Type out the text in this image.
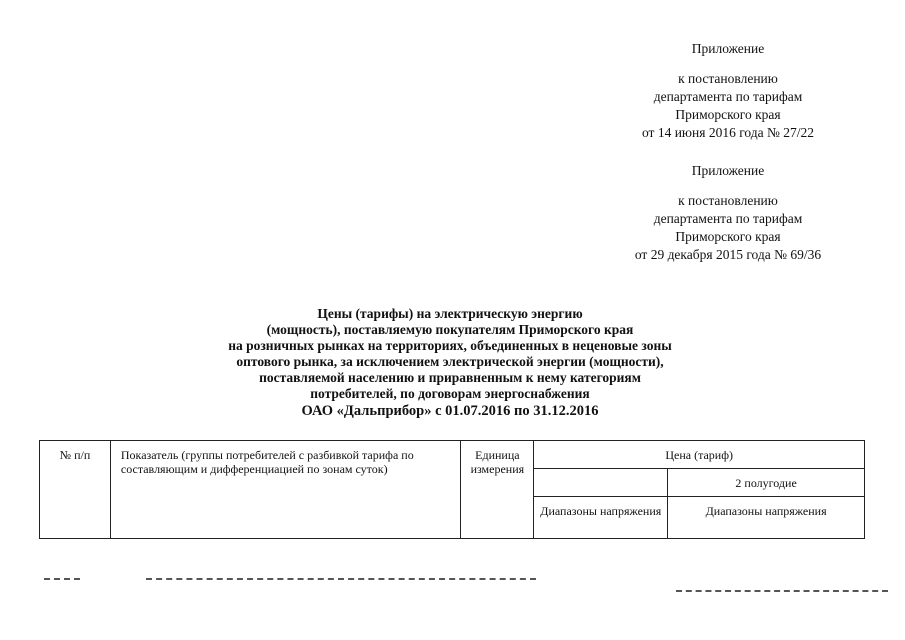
Приложение
к постановлению
департамента по тарифам
Приморского края
от 14 июня 2016 года № 27/22
Приложение
к постановлению
департамента по тарифам
Приморского края
от 29 декабря 2015 года № 69/36
Цены (тарифы) на электрическую энергию
(мощность), поставляемую покупателям Приморского края
на розничных рынках на территориях, объединенных в неценовые зоны
оптового рынка, за исключением электрической энергии (мощности),
поставляемой населению и приравненным к нему категориям
потребителей, по договорам энергоснабжения
ОАО «Дальприбор» с 01.07.2016 по 31.12.2016
№ п/п	Показатель (группы потребителей с разбивкой тарифа по составляющим и дифференциацией по зонам суток)	Единица измерения	Цена (тариф)	
				2 полугодие
			Диапазоны напряжения	Диапазоны напряжения
